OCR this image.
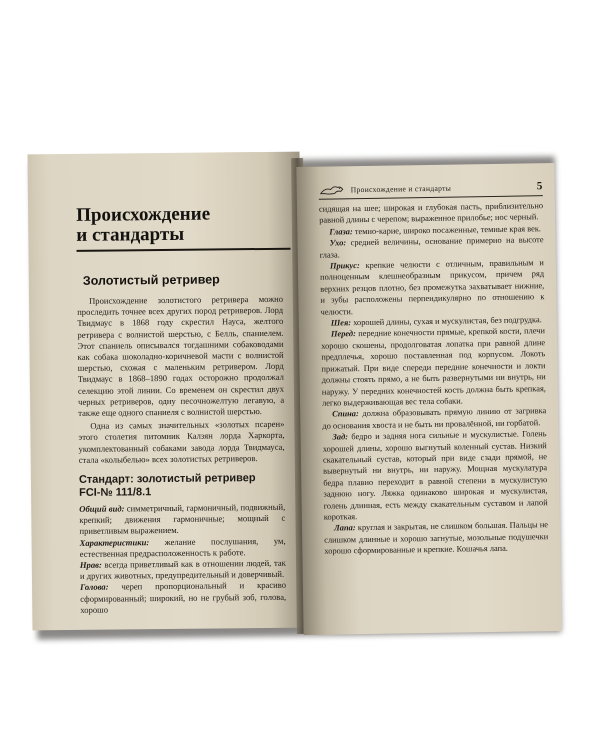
Происхождение
и стандарты
Золотистый ретривер

Происхождение золотистого ретривера можно проследить точнее всех других пород ретриверов. Лорд Твидмаус в 1868 году скрестил Науса, желтого ретривера с волнистой шерстью, с Белль, спаниелем. Этот спаниель описывался тогдашними собаководами как собака шоколадно-коричневой масти с волнистой шерстью, схожая с маленьким ретривером. Лорд Твидмаус в 1868–1890 годах осторожно продолжал селекцию этой линии. Со временем он скрестил двух черных ретриверов, одну песочножелтую легавую, а также еще одного спаниеля с волнистой шерстью.

Одна из самых значительных «золотых псарен» этого столетия питомник Калзян лорда Харкорта, укомплектованный собаками завода лорда Твидмауса, стала «колыбелью» всех золотистых ретриверов.

Стандарт: золотистый ретривер
FCI-№ 111/8.1

Общий вид: симметричный, гармоничный, подвижный, крепкий; движения гармоничные; мощный с приветливым выражением.

Характеристики: желание послушания, ум, естественная предрасположенность к работе.

Нрав: всегда приветливый как в отношении людей, так и других животных, предупредительный и доверчивый.

Голова: череп пропорциональный и красиво сформированный; широкий, но не грубый зоб, голова, хорошо

Происхождение и стандарты	5

сидящая на шее; широкая и глубокая пасть, приблизительно равной длины с черепом; выраженное прилобье; нос черный.

Глаза: темно-карие, широко посаженные, темные края век.

Ухо: средней величины, основание примерно на высоте глаза.

Прикус: крепкие челюсти с отличным, правильным и полноценным клешнеобразным прикусом, причем ряд верхних резцов плотно, без промежутка захватывает нижние, и зубы расположены перпендикулярно по отношению к челюсти.

Шея: хорошей длины, сухая и мускулистая, без подгрудка.

Перед: передние конечности прямые, крепкой кости, плечи хорошо скошены, продолговатая лопатка при равной длине предплечья, хорошо поставленная под корпусом. Локоть прижатый. При виде спереди передние конечности и локти должны стоять прямо, а не быть развернутыми ни внутрь, ни наружу. У передних конечностей кость должна быть крепкая, легко выдерживающая вес тела собаки.

Спина: должна образовывать прямую линию от загривка до основания хвоста и не быть ни провалённой, ни горбатой.

Зад: бедро и задняя нога сильные и мускулистые. Голень хорошей длины, хорошо выгнутый коленный сустав. Низкий скакательный сустав, который при виде сзади прямой, не вывернутый ни внутрь, ни наружу. Мощная мускулатура бедра плавно переходит в равной степени в мускулистую заднюю ногу. Ляжка одинаково широкая и мускулистая, голень длинная, есть между скакательным суставом и лапой короткая.

Лапа: круглая и закрытая, не слишком большая. Пальцы не слишком длинные и хорошо загнутые, мозольные подушечки хорошо сформированные и крепкие. Кошачья лапа.
